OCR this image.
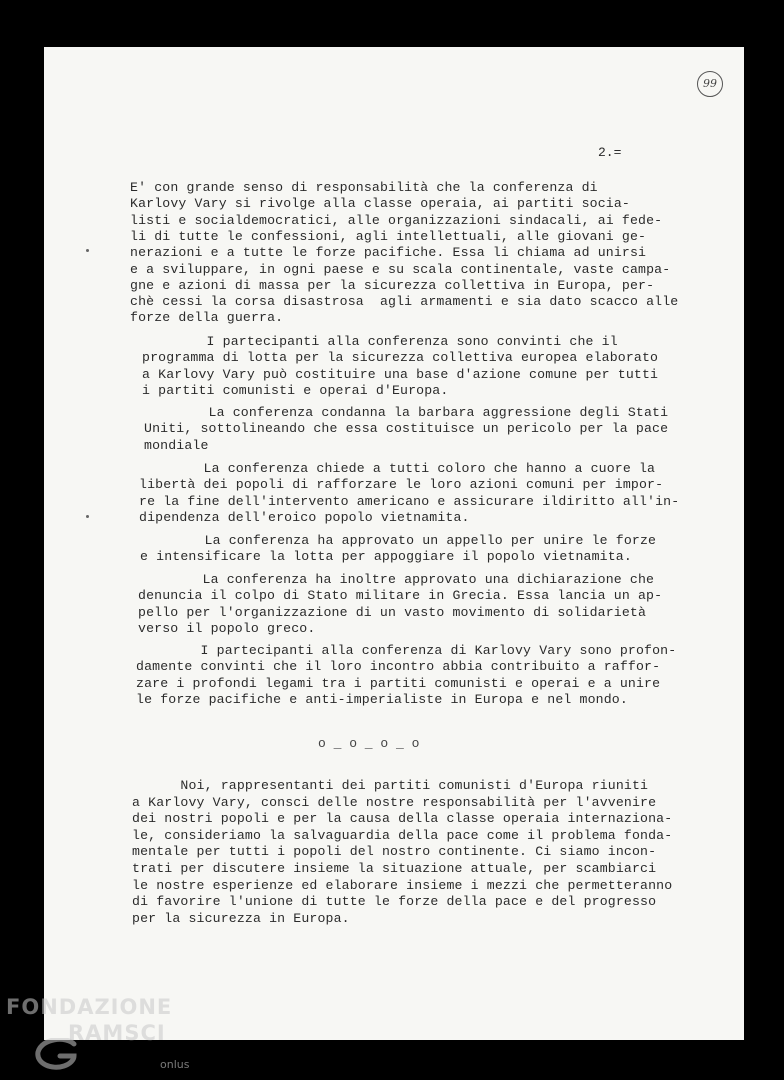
99
2.=
E' con grande senso di responsabilità che la conferenza di
Karlovy Vary si rivolge alla classe operaia, ai partiti socia-
listi e socialdemocratici, alle organizzazioni sindacali, ai fede-
li di tutte le confessioni, agli intellettuali, alle giovani ge-
nerazioni e a tutte le forze pacifiche. Essa li chiama ad unirsi
e a sviluppare, in ogni paese e su scala continentale, vaste campa-
gne e azioni di massa per la sicurezza collettiva in Europa, per-
chè cessi la corsa disastrosa  agli armamenti e sia dato scacco alle
forze della guerra.
I partecipanti alla conferenza sono convinti che il
programma di lotta per la sicurezza collettiva europea elaborato
a Karlovy Vary può costituire una base d'azione comune per tutti
i partiti comunisti e operai d'Europa.
La conferenza condanna la barbara aggressione degli Stati
Uniti, sottolineando che essa costituisce un pericolo per la pace
mondiale
La conferenza chiede a tutti coloro che hanno a cuore la
libertà dei popoli di rafforzare le loro azioni comuni per impor-
re la fine dell'intervento americano e assicurare ildiritto all'in-
dipendenza dell'eroico popolo vietnamita.
La conferenza ha approvato un appello per unire le forze
e intensificare la lotta per appoggiare il popolo vietnamita.
La conferenza ha inoltre approvato una dichiarazione che
denuncia il colpo di Stato militare in Grecia. Essa lancia un ap-
pello per l'organizzazione di un vasto movimento di solidarietà
verso il popolo greco.
I partecipanti alla conferenza di Karlovy Vary sono profon-
damente convinti che il loro incontro abbia contribuito a raffor-
zare i profondi legami tra i partiti comunisti e operai e a unire
le forze pacifiche e anti-imperialiste in Europa e nel mondo.
o _ o _ o _ o
Noi, rappresentanti dei partiti comunisti d'Europa riuniti
a Karlovy Vary, consci delle nostre responsabilità per l'avvenire
dei nostri popoli e per la causa della classe operaia internaziona-
le, consideriamo la salvaguardia della pace come il problema fonda-
mentale per tutti i popoli del nostro continente. Ci siamo incon-
trati per discutere insieme la situazione attuale, per scambiarci
le nostre esperienze ed elaborare insieme i mezzi che permetteranno
di favorire l'unione di tutte le forze della pace e del progresso
per la sicurezza in Europa.
FONDAZIONE
RAMSCI
onlus
